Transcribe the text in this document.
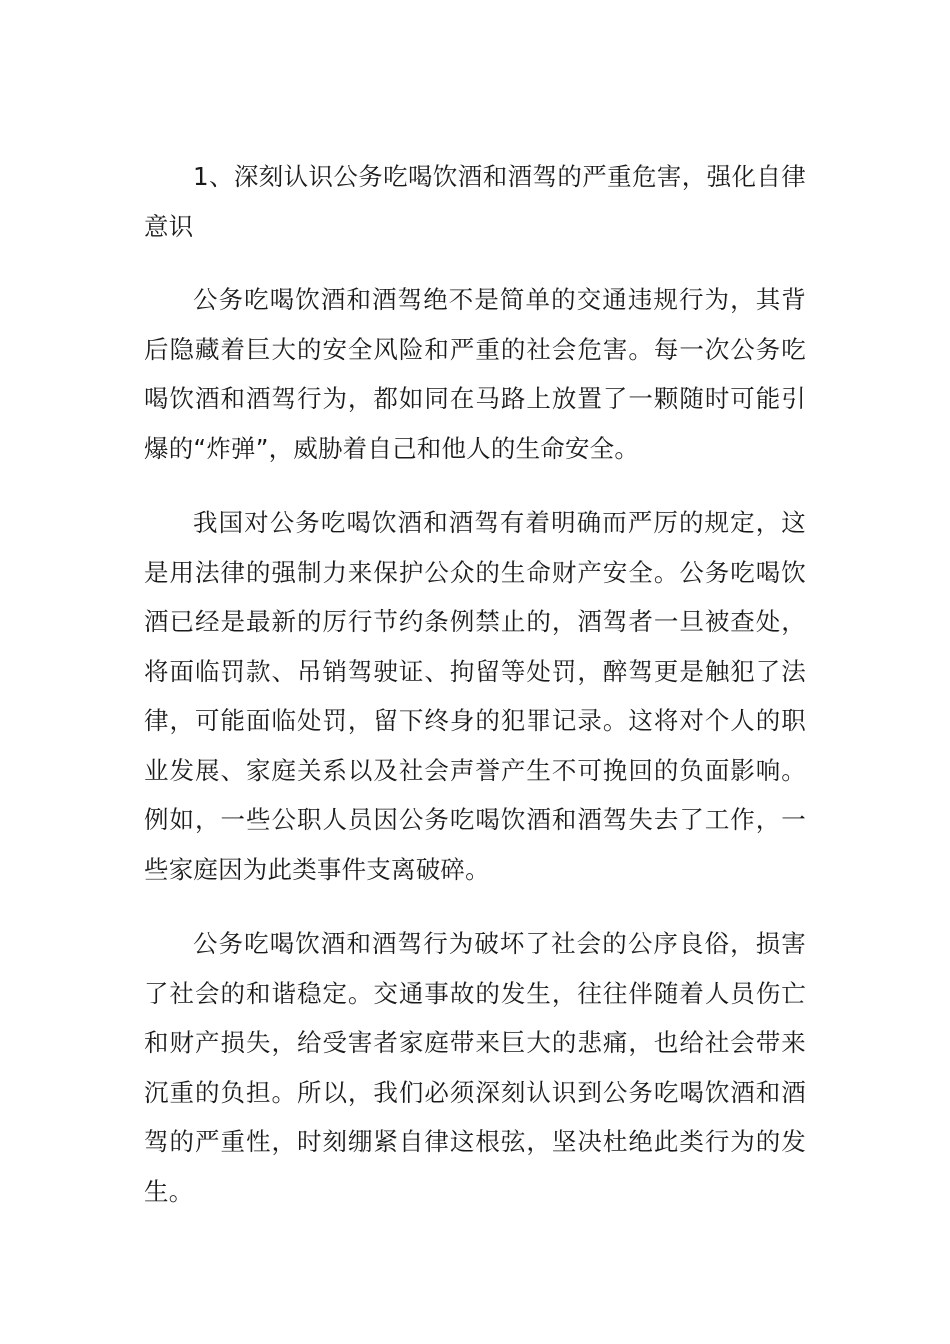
1、深刻认识公务吃喝饮酒和酒驾的严重危害，强化自律意识

公务吃喝饮酒和酒驾绝不是简单的交通违规行为，其背后隐藏着巨大的安全风险和严重的社会危害。每一次公务吃喝饮酒和酒驾行为，都如同在马路上放置了一颗随时可能引爆的“炸弹”，威胁着自己和他人的生命安全。

我国对公务吃喝饮酒和酒驾有着明确而严厉的规定，这是用法律的强制力来保护公众的生命财产安全。公务吃喝饮酒已经是最新的厉行节约条例禁止的，酒驾者一旦被查处，将面临罚款、吊销驾驶证、拘留等处罚，醉驾更是触犯了法律，可能面临处罚，留下终身的犯罪记录。这将对个人的职业发展、家庭关系以及社会声誉产生不可挽回的负面影响。例如，一些公职人员因公务吃喝饮酒和酒驾失去了工作，一些家庭因为此类事件支离破碎。

公务吃喝饮酒和酒驾行为破坏了社会的公序良俗，损害了社会的和谐稳定。交通事故的发生，往往伴随着人员伤亡和财产损失，给受害者家庭带来巨大的悲痛，也给社会带来沉重的负担。所以，我们必须深刻认识到公务吃喝饮酒和酒驾的严重性，时刻绷紧自律这根弦，坚决杜绝此类行为的发生。
